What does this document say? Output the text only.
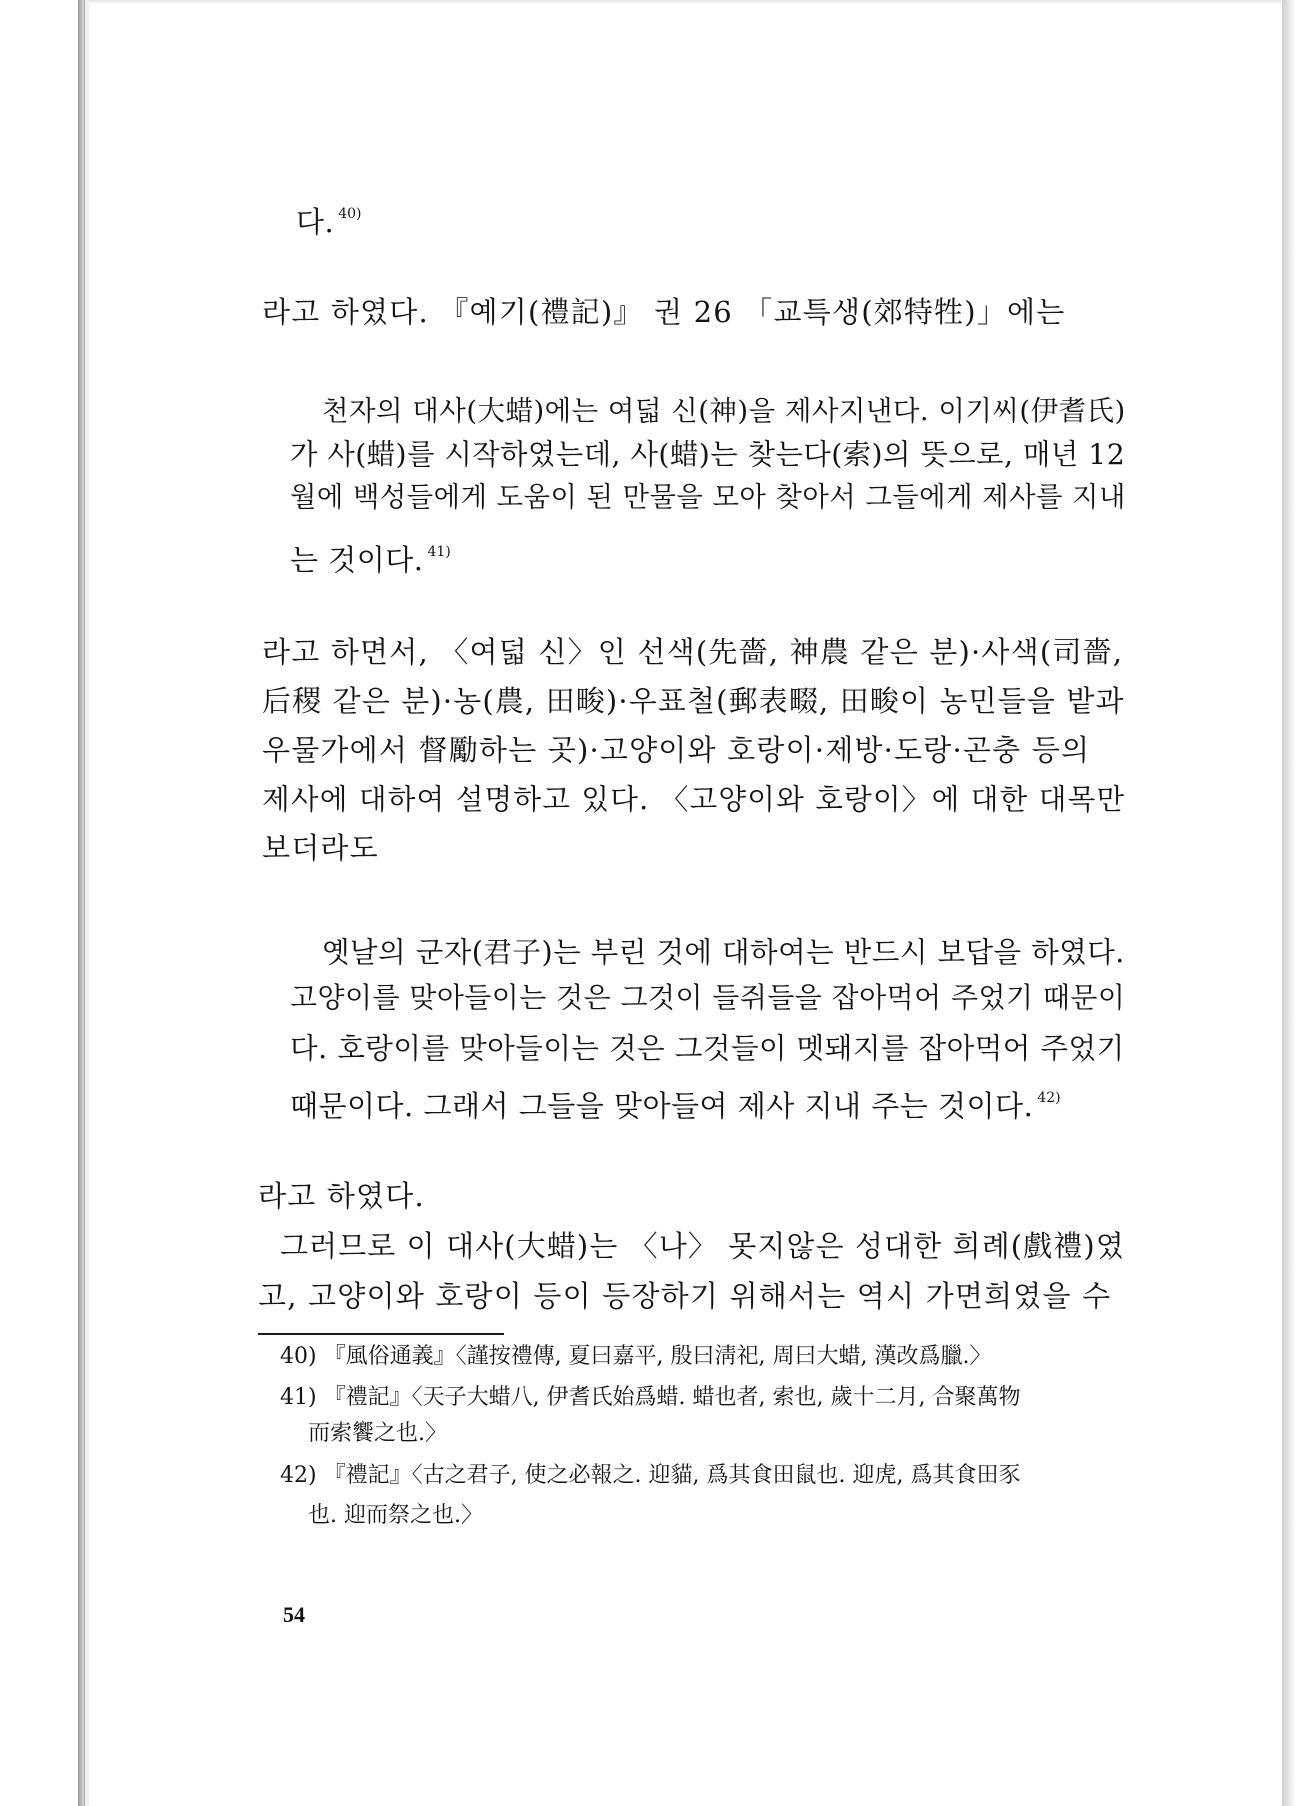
다. $^{40)}$
라고 하였다. 『예기(禮記)』 권 26 「교특생(郊特牲)」에는
천자의 대사(大蜡)에는 여덟 신(神)을 제사지낸다. 이기씨(伊耆氏)
가 사(蜡)를 시작하였는데, 사(蜡)는 찾는다(索)의 뜻으로, 매년 12
월에 백성들에게 도움이 된 만물을 모아 찾아서 그들에게 제사를 지내
는 것이다. $^{41)}$
라고 하면서, 〈여덟 신〉인 선색(先嗇, 神農 같은 분)·사색(司嗇,
后稷 같은 분)·농(農, 田畯)·우표철(郵表畷, 田畯이 농민들을 밭과
우물가에서 督勵하는 곳)·고양이와 호랑이·제방·도랑·곤충 등의
제사에 대하여 설명하고 있다. 〈고양이와 호랑이〉에 대한 대목만
보더라도
옛날의 군자(君子)는 부린 것에 대하여는 반드시 보답을 하였다.
고양이를 맞아들이는 것은 그것이 들쥐들을 잡아먹어 주었기 때문이
다. 호랑이를 맞아들이는 것은 그것들이 멧돼지를 잡아먹어 주었기
때문이다. 그래서 그들을 맞아들여 제사 지내 주는 것이다. $^{42)}$
라고 하였다.
그러므로 이 대사(大蜡)는 〈나〉 못지않은 성대한 희례(戲禮)였
고, 고양이와 호랑이 등이 등장하기 위해서는 역시 가면희였을 수
40) 『風俗通義』〈謹按禮傳, 夏曰嘉平, 殷曰淸祀, 周曰大蜡, 漢改爲臘.〉
41) 『禮記』〈天子大蜡八, 伊耆氏始爲蜡. 蜡也者, 索也, 歲十二月, 合聚萬物
而索饗之也.〉
42) 『禮記』〈古之君子, 使之必報之. 迎貓, 爲其食田鼠也. 迎虎, 爲其食田豕
也. 迎而祭之也.〉
54
